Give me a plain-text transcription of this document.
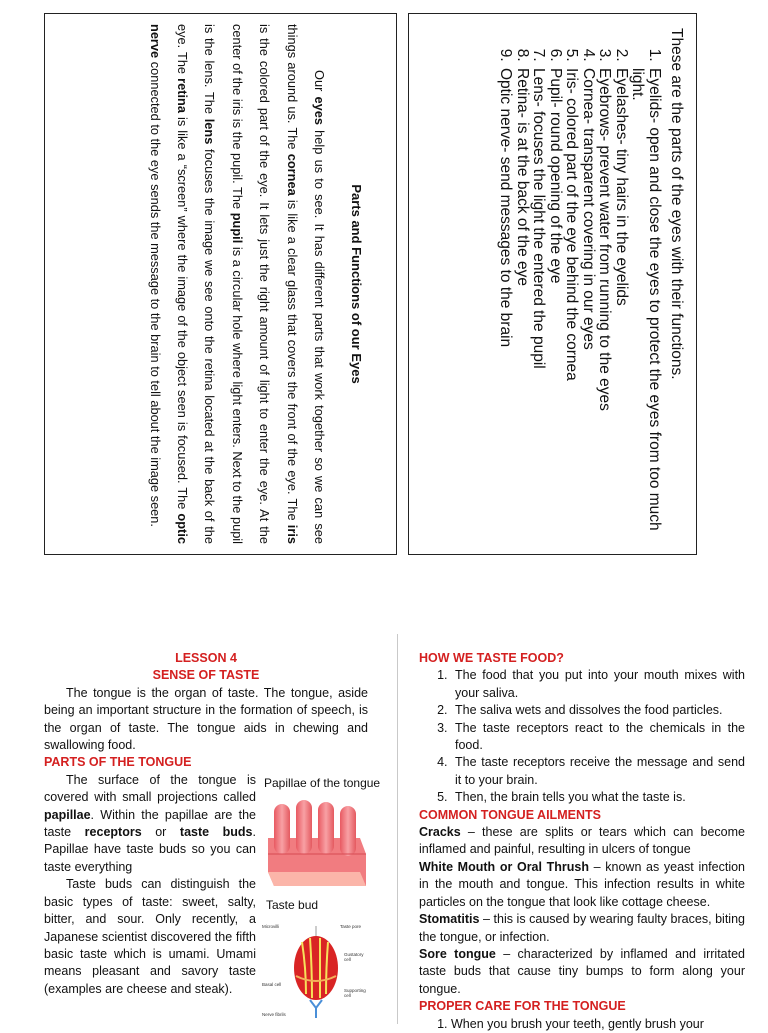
These are the parts of the eyes with their functions.

1. Eyelids- open and close the eyes to protect the eyes from too much light.
2. Eyelashes- tiny hairs in the eyelids
3. Eyebrows- prevent water from running to the eyes
4. Cornea- transparent covering in our eyes
5. Iris- colored part of the eye behind the cornea
6. Pupil- round opening of the eye
7. Lens- focuses the light the entered the pupil
8. Retina- is at the back of the eye
9. Optic nerve- send messages to the brain

Parts and Functions of our Eyes

Our eyes help us to see. It has different parts that work together so we can see things around us. The cornea is like a clear glass that covers the front of the eye. The iris is the colored part of the eye. It lets just the right amount of light to enter the eye. At the center of the iris is the pupil. The pupil is a circular hole where light enters. Next to the pupil is the lens. The lens focuses the image we see onto the retina located at the back of the eye. The retina is like a “screen” where the image of the object seen is focused. The optic nerve connected to the eye sends the message to the brain to tell about the image seen.

LESSON 4

SENSE OF TASTE

The tongue is the organ of taste. The tongue, aside being an important structure in the formation of speech, is the organ of taste. The tongue aids in chewing and swallowing food.

PARTS OF THE TONGUE

The surface of the tongue is covered with small projections called papillae. Within the papillae are the taste receptors or taste buds. Papillae have taste buds so you can taste everything

Taste buds can distinguish the basic types of taste: sweet, salty, bitter, and sour. Only recently, a Japanese scientist discovered the fifth basic taste which is umami. Umami means pleasant and savory taste (examples are cheese and steak).

Papillae of the tongue

Taste bud

Microvilli	Taste pore
Gustatory cell
Basal cell
Supporting cell
Nerve fibrils

HOW WE TASTE FOOD?

1. The food that you put into your mouth mixes with your saliva.
2. The saliva wets and dissolves the food particles.
3. The taste receptors react to the chemicals in the food.
4. The taste receptors receive the message and send it to your brain.
5. Then, the brain tells you what the taste is.

COMMON TONGUE AILMENTS

Cracks – these are splits or tears which can become inflamed and painful, resulting in ulcers of tongue

White Mouth or Oral Thrush – known as yeast infection in the mouth and tongue. This infection results in white particles on the tongue that look like cottage cheese.

Stomatitis – this is caused by wearing faulty braces, biting the tongue, or infection.

Sore tongue – characterized by inflamed and irritated taste buds that cause tiny bumps to form along your tongue.

PROPER CARE FOR THE TONGUE

1. When you brush your teeth, gently brush your
